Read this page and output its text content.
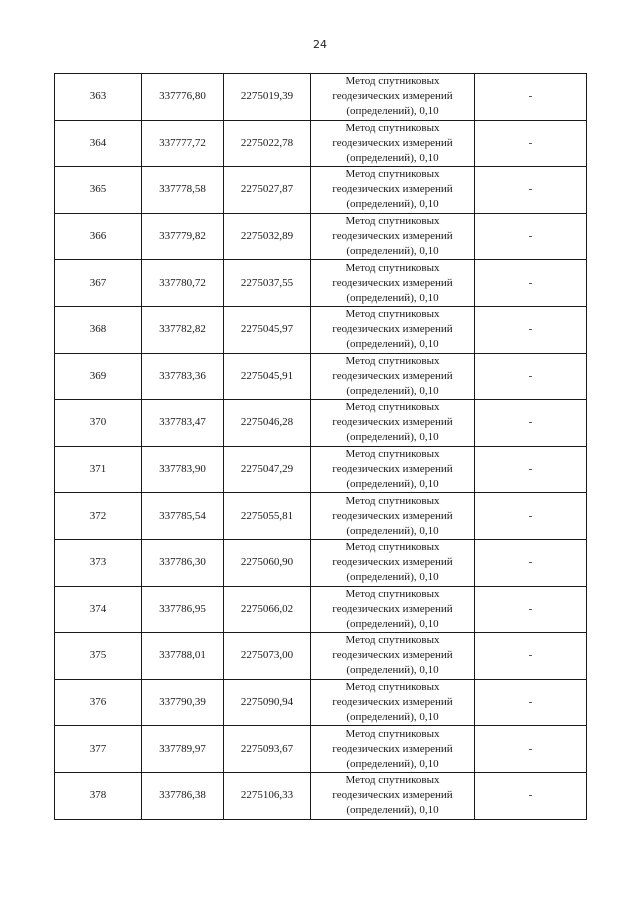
24
363	337776,80	2275019,39	Метод спутниковых
геодезических измерений
(определений), 0,10	-
364	337777,72	2275022,78	Метод спутниковых
геодезических измерений
(определений), 0,10	-
365	337778,58	2275027,87	Метод спутниковых
геодезических измерений
(определений), 0,10	-
366	337779,82	2275032,89	Метод спутниковых
геодезических измерений
(определений), 0,10	-
367	337780,72	2275037,55	Метод спутниковых
геодезических измерений
(определений), 0,10	-
368	337782,82	2275045,97	Метод спутниковых
геодезических измерений
(определений), 0,10	-
369	337783,36	2275045,91	Метод спутниковых
геодезических измерений
(определений), 0,10	-
370	337783,47	2275046,28	Метод спутниковых
геодезических измерений
(определений), 0,10	-
371	337783,90	2275047,29	Метод спутниковых
геодезических измерений
(определений), 0,10	-
372	337785,54	2275055,81	Метод спутниковых
геодезических измерений
(определений), 0,10	-
373	337786,30	2275060,90	Метод спутниковых
геодезических измерений
(определений), 0,10	-
374	337786,95	2275066,02	Метод спутниковых
геодезических измерений
(определений), 0,10	-
375	337788,01	2275073,00	Метод спутниковых
геодезических измерений
(определений), 0,10	-
376	337790,39	2275090,94	Метод спутниковых
геодезических измерений
(определений), 0,10	-
377	337789,97	2275093,67	Метод спутниковых
геодезических измерений
(определений), 0,10	-
378	337786,38	2275106,33	Метод спутниковых
геодезических измерений
(определений), 0,10	-
